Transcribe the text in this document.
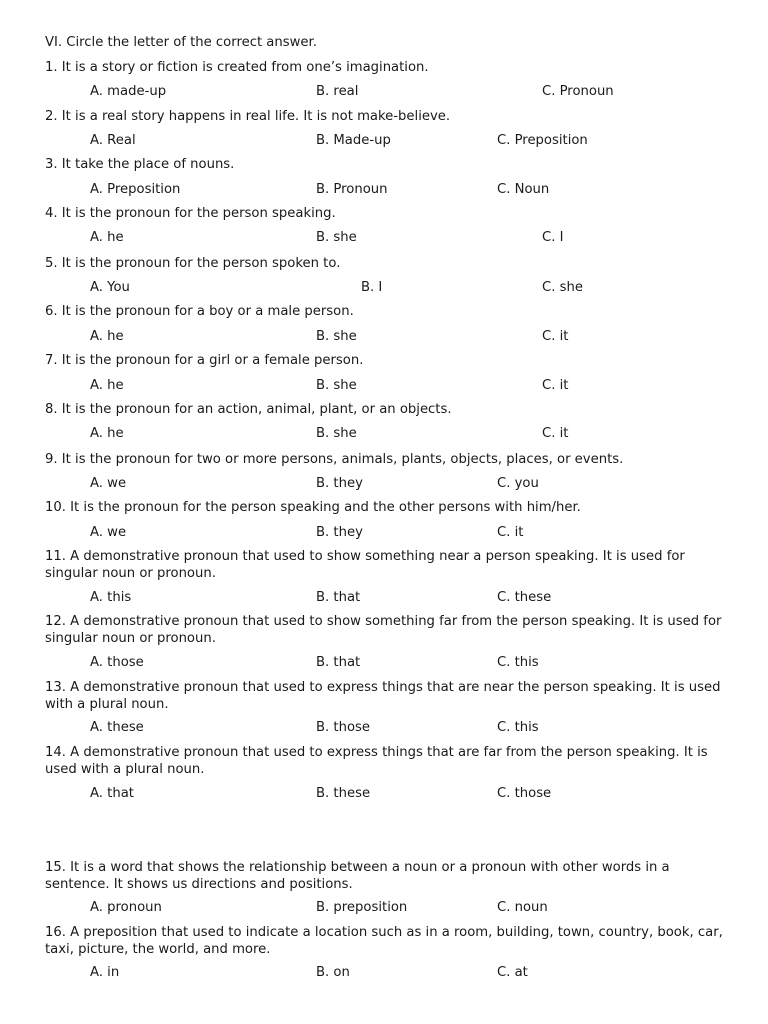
VI. Circle the letter of the correct answer.
1. It is a story or fiction is created from one’s imagination.
A. made-up	B. real	C. Pronoun
2. It is a real story happens in real life. It is not make-believe.
A. Real	B. Made-up	C. Preposition
3. It take the place of nouns.
A. Preposition	B. Pronoun	C. Noun
4. It is the pronoun for the person speaking.
A. he	B. she	C. I
5. It is the pronoun for the person spoken to.
A. You	B. I	C. she
6. It is the pronoun for a boy or a male person.
A. he	B. she	C. it
7. It is the pronoun for a girl or a female person.
A. he	B. she	C. it
8. It is the pronoun for an action, animal, plant, or an objects.
A. he	B. she	C. it
9. It is the pronoun for two or more persons, animals, plants, objects, places, or events.
A. we	B. they	C. you
10. It is the pronoun for the person speaking and the other persons with him/her.
A. we	B. they	C. it
11. A demonstrative pronoun that used to show something near a person speaking. It is used for singular noun or pronoun.
A. this	B. that	C. these
12. A demonstrative pronoun that used to show something far from the person speaking. It is used for singular noun or pronoun.
A. those	B. that	C. this
13. A demonstrative pronoun that used to express things that are near the person speaking. It is used with a plural noun.
A. these	B. those	C. this
14. A demonstrative pronoun that used to express things that are far from the person speaking. It is used with a plural noun.
A. that	B. these	C. those
15. It is a word that shows the relationship between a noun or a pronoun with other words in a sentence. It shows us directions and positions.
A. pronoun	B. preposition	C. noun
16. A preposition that used to indicate a location such as in a room, building, town, country, book, car, taxi, picture, the world, and more.
A. in	B. on	C. at
